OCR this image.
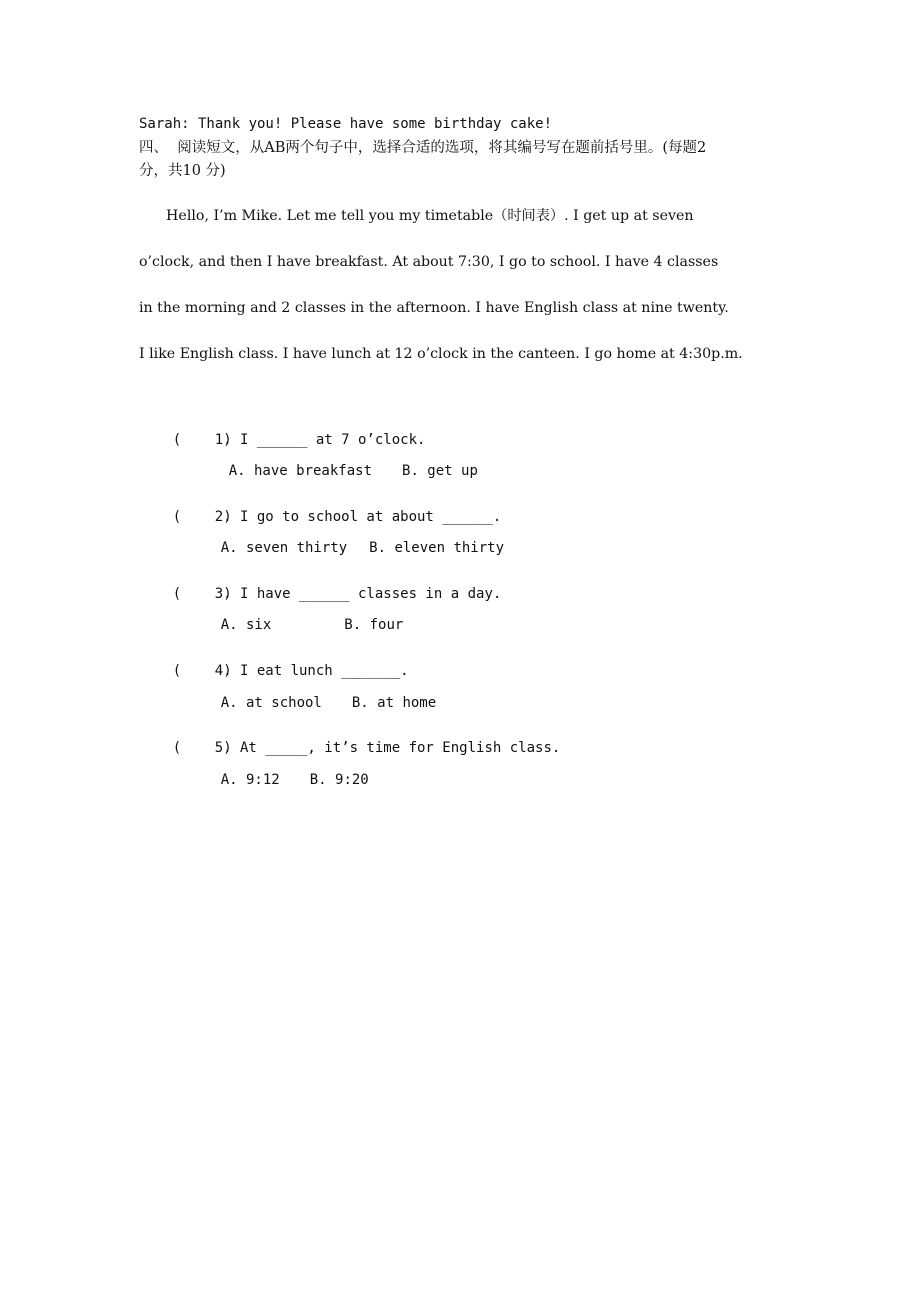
Sarah: Thank you! Please have some birthday cake!
四、  阅读短文，从AB两个句子中，选择合适的选项，将其编号写在题前括号里。(每题2
分，共10 分)
Hello, I’m Mike. Let me tell you my timetable（时间表）. I get up at seven
o’clock, and then I have breakfast. At about 7:30, I go to school. I have 4 classes
in the morning and 2 classes in the afternoon. I have English class at nine twenty.
I like English class. I have lunch at 12 o’clock in the canteen. I go home at 4:30p.m.

(     )1. I ______ at 7 o’clock.

A. have breakfast B. get up

(     )2. I go to school at about ______.

A. seven thirty B. eleven thirty

(     )3. I have ______ classes in a day.

A. six	B. four

(     )4. I eat lunch _______.

A. at school B. at home

(     )5. At _____, it’s time for English class.

A. 9:12 B. 9:20
